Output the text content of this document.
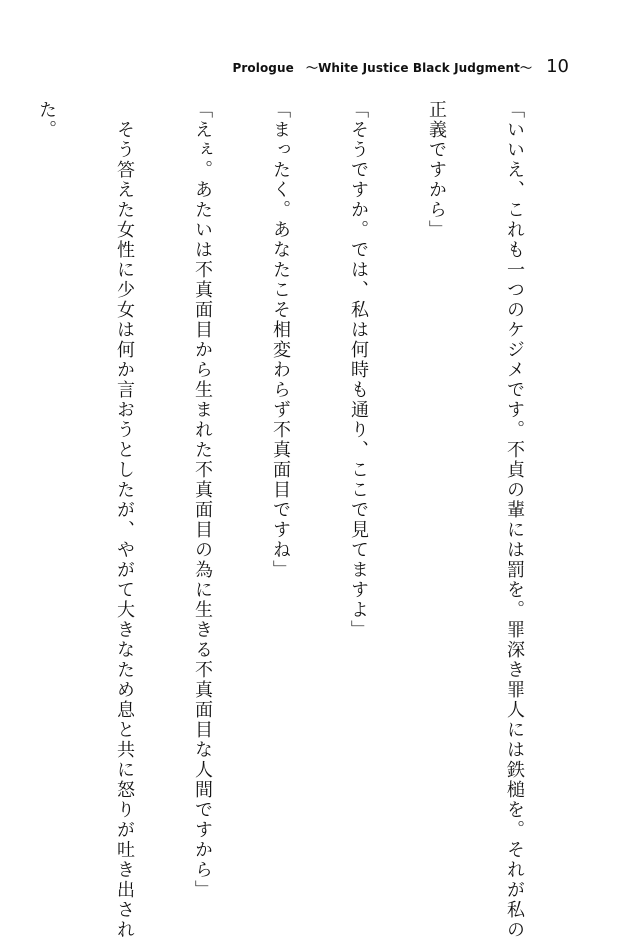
Prologue　～White Justice Black Judgment～ 10

「いいえ、これも一つのケジメです。不貞の輩には罰を。罪深き罪人には鉄槌を。それが私の

正義ですから」

「そうですか。では、私は何時も通り、ここで見てますよ」

「まったく。あなたこそ相変わらず不真面目ですね」

「えぇ。あたいは不真面目から生まれた不真面目の為に生きる不真面目な人間ですから」

　そう答えた女性に少女は何か言おうとしたが、やがて大きなため息と共に怒りが吐き出され

た。
